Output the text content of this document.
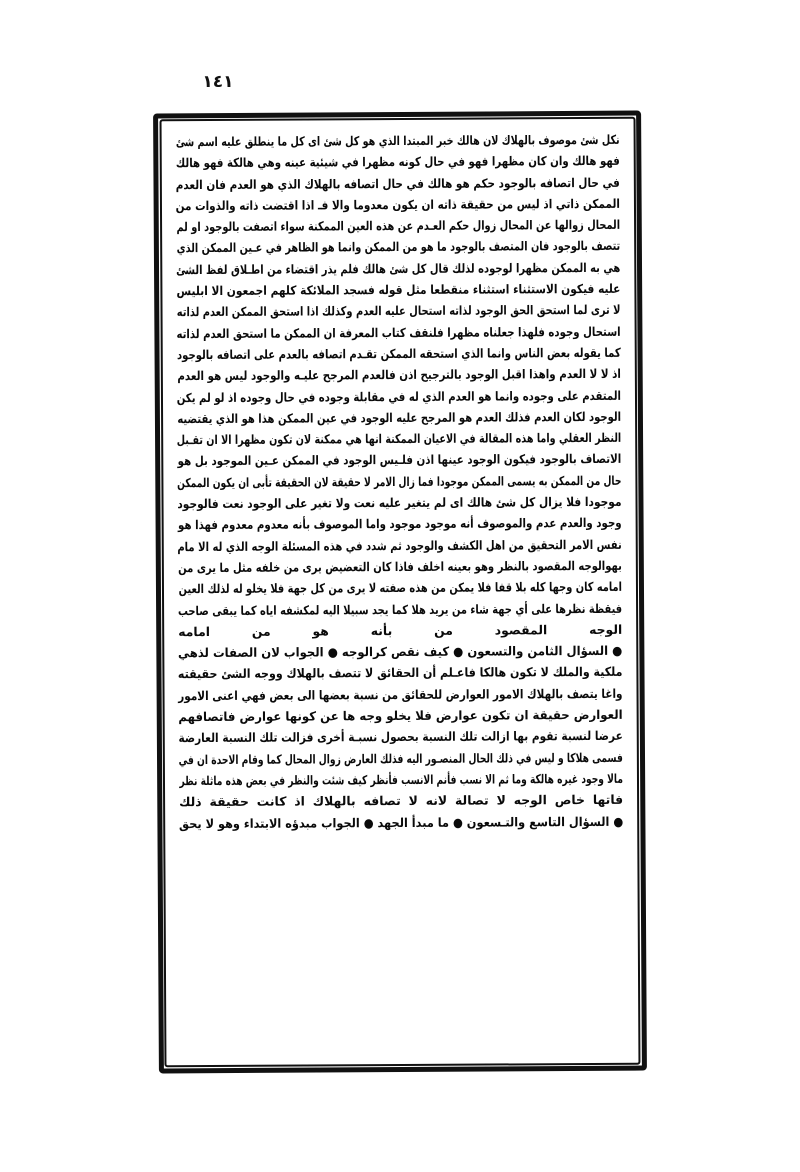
١٤١
نكل شئ موصوف بالهلاك لان هالك خبر المبتدا الذي هو كل شئ اى كل ما ينطلق عليه اسم شئ
فهو هالك وان كان مظهرا فهو في حال كونه مظهرا في شيئية عينه وهي هالكة فهو هالك
في حال اتصافه بالوجود حكم هو هالك في حال اتصافه بالهلاك الذي هو العدم فان العدم
الممكن ذاتي اذ ليس من حقيقة ذاته ان يكون معدوما والا فـ اذا اقتضت ذاته والذوات من
المحال زوالها عن المحال زوال حكم العـدم عن هذه العين الممكنة سواء اتصفت بالوجود او لم
تتصف بالوجود فان المتصف بالوجود ما هو من الممكن وانما هو الظاهر في عـين الممكن الذي
هي به الممكن مظهرا لوجوده لذلك قال كل شئ هالك فلم يذر اقتضاء من اطـلاق لفظ الشئ
عليه فيكون الاستثناء استثناء منقطعا مثل قوله فسجد الملائكة كلهم اجمعون الا ابليس
لا ترى لما استحق الحق الوجود لذاته استحال عليه العدم وكذلك اذا استحق الممكن العدم لذاته
استحال وجوده فلهذا جعلناه مظهرا فلنقف كتاب المعرفة ان الممكن ما استحق العدم لذاته
كما يقوله بعض الناس وانما الذي استحقه الممكن تقـدم اتصافه بالعدم على اتصافه بالوجود
اذ لا لا العدم واهذا اقبل الوجود بالترجيح اذن فالعدم المرجح عليـه والوجود ليس هو العدم
المتقدم على وجوده وانما هو العدم الذي له في مقابلة وجوده في حال وجوده اذ لو لم يكن
الوجود لكان العدم فذلك العدم هو المرجح عليه الوجود في عين الممكن هذا هو الذي يقتضيه
النظر العقلي واما هذه المقالة في الاعيان الممكنة انها هي ممكنة لان تكون مظهرا الا ان تقـبل
الاتصاف بالوجود فيكون الوجود عينها اذن فلـيس الوجود في الممكن عـين الموجود بل هو
حال من الممكن به يسمى الممكن موجودا فما زال الامر لا حقيقة لان الحقيقة تأبى ان يكون الممكن
موجودا فلا يزال كل شئ هالك اى لم يتغير عليه نعت ولا تغير على الوجود نعت فالوجود
وجود والعدم عدم والموصوف أنه موجود موجود واما الموصوف بأنه معدوم معدوم فهذا هو
نفس الامر التحقيق من اهل الكشف والوجود ثم شدد في هذه المسئلة الوجه الذي له الا مام
بهوالوجه المقصود بالنظر وهو بعينه اخلف فاذا كان التعضيض يرى من خلفه مثل ما يرى من
امامه كان وجها كله بلا قفا فلا يمكن من هذه صفته لا يرى من كل جهة فلا يخلو له لذلك العين
فيقظة نظرها على أي جهة شاء من يريد هلا كما يجد سبيلا اليه لمكشفه اياه كما يبقى صاحب
الوجه المقصود من بأنه هو من امامه
● السؤال الثامن والتسعون ● كيف نقص كرالوجه ● الجواب لان الصفات لذهي
ملكية والملك لا تكون هالكا فاعـلم أن الحقائق لا تتصف بالهلاك ووجه الشئ حقيقته
واغا يتصف بالهلاك الامور العوارض للحقائق من نسبة بعضها الى بعض فهي اعنى الامور
العوارض حقيقة ان تكون عوارض فلا يخلو وجه ها عن كونها عوارض فاتصافهم
عرضا لنسبة تقوم بها ازالت تلك النسبة بحصول نسبـة أخرى فزالت تلك النسبة العارضة
فسمى هلاكا و ليس في ذلك الحال المنصـور اليه فذلك العارض زوال المحال كما وقام الاحدة ان في
مالا وجود غيره هالكة وما ثم الا نسب فأنم الانسب فأنظر كيف شئت والنظر في بعض هذه ماثلة نظر
فاتها خاص الوجه لا تصالة لانه لا تصافه بالهلاك اذ كانت حقيقة ذلك
● السؤال التاسع والتـسعون ● ما مبدأ الجهد ● الجواب مبدؤه الابتداء وهو لا يحق
